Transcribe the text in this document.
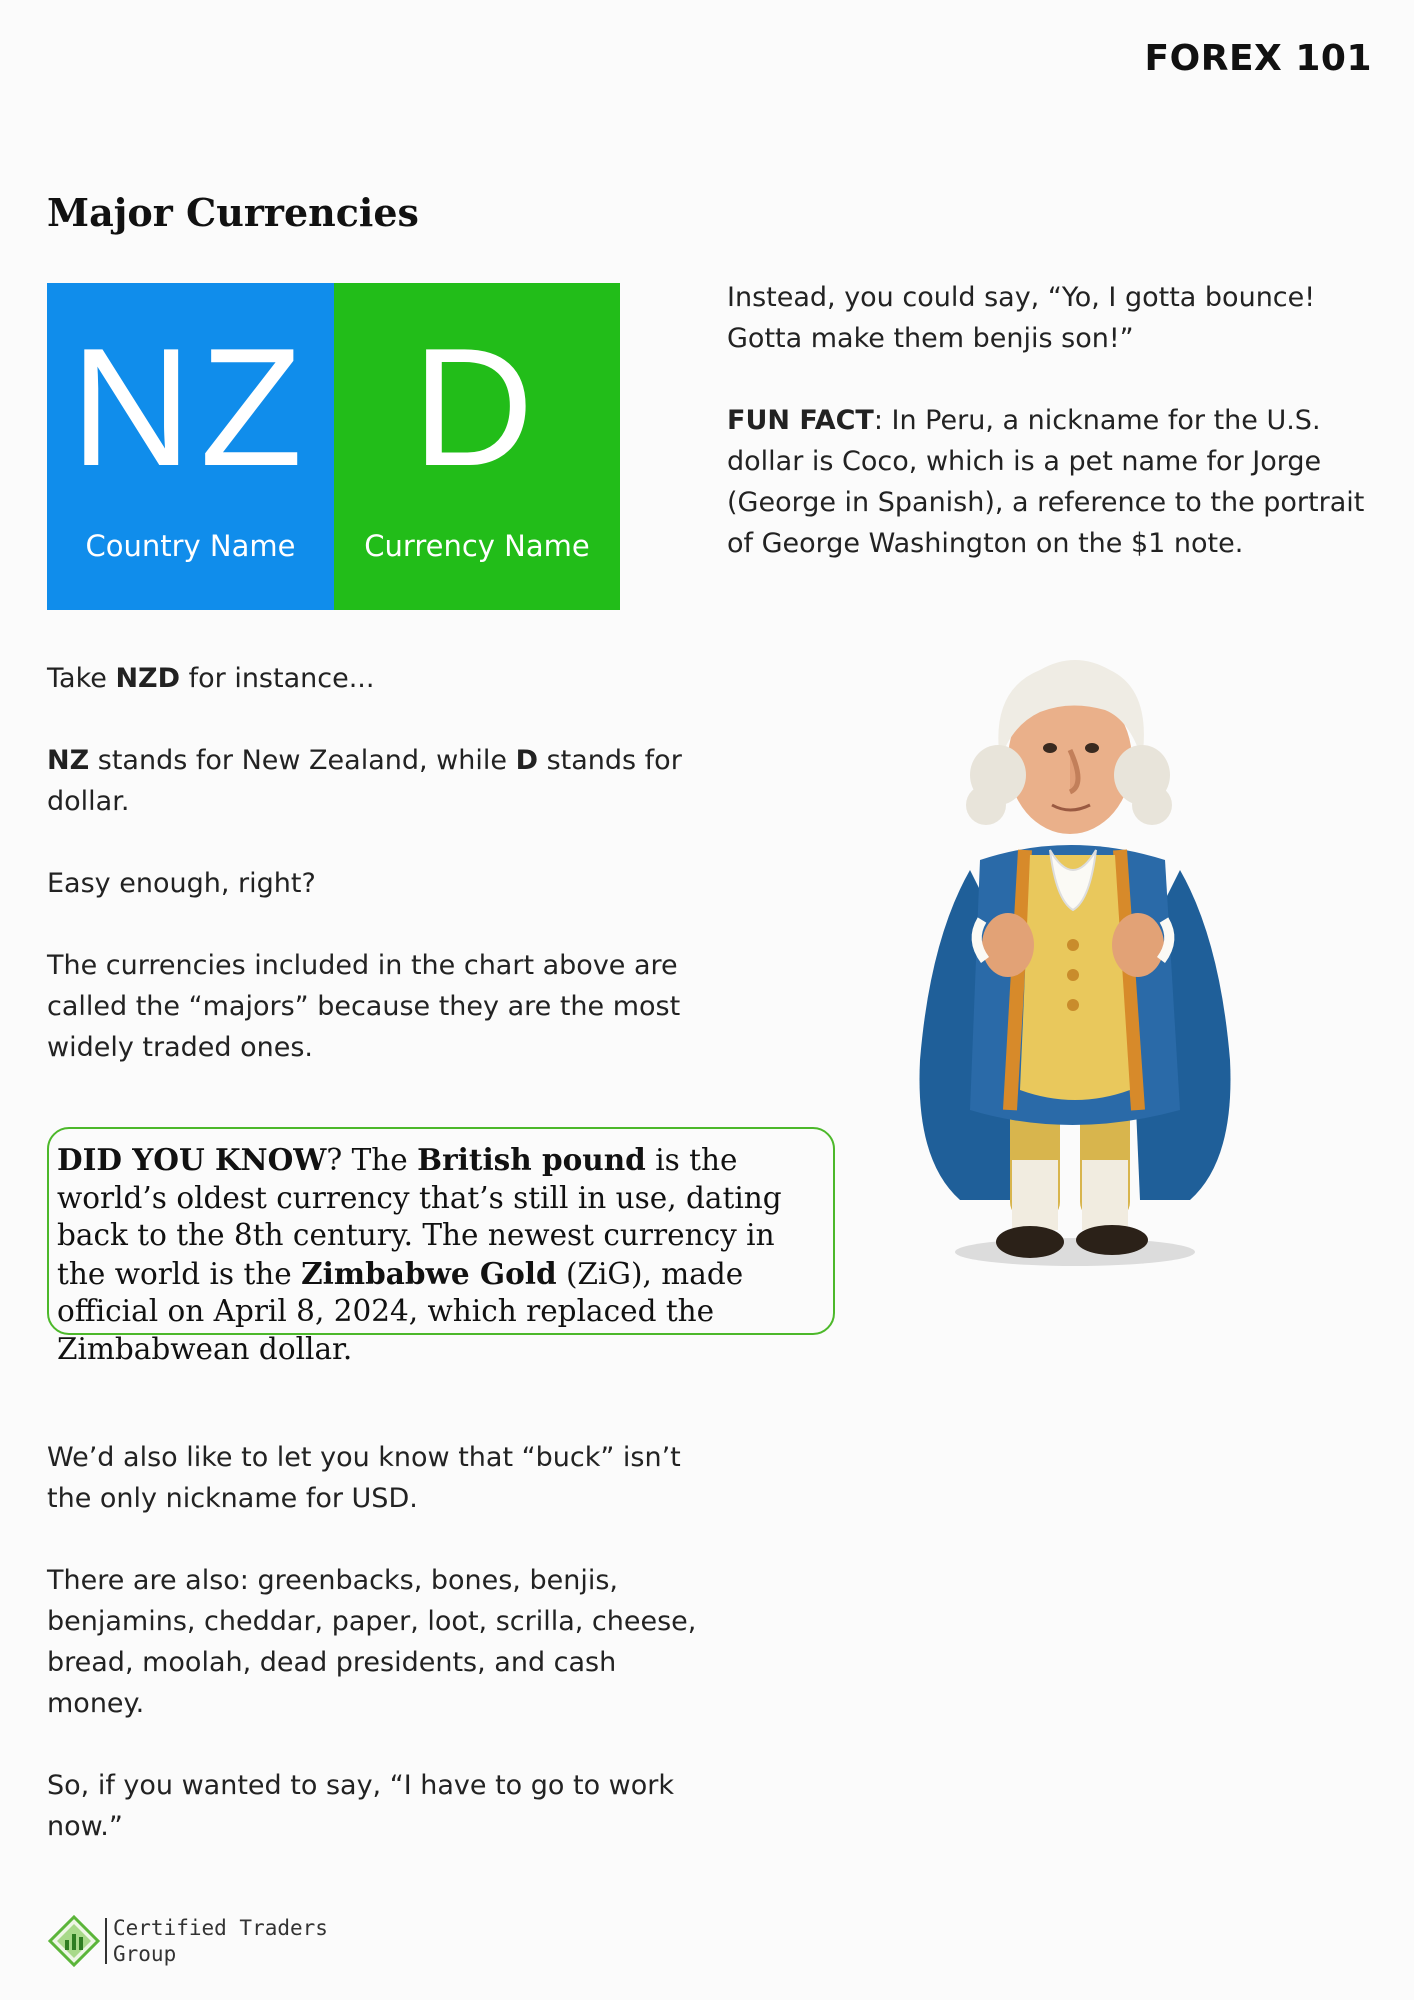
FOREX 101
Major Currencies
NZ
Country Name
D
Currency Name

Take NZD for instance...

NZ stands for New Zealand, while D stands for dollar.

Easy enough, right?

The currencies included in the chart above are called the “majors” because they are the most widely traded ones.

DID YOU KNOW? The British pound is the world’s oldest currency that’s still in use, dating back to the 8th century. The newest currency in the world is the Zimbabwe Gold (ZiG), made official on April 8, 2024, which replaced the Zimbabwean dollar.

We’d also like to let you know that “buck” isn’t the only nickname for USD.

There are also: greenbacks, bones, benjis, benjamins, cheddar, paper, loot, scrilla, cheese, bread, moolah, dead presidents, and cash money.

So, if you wanted to say, “I have to go to work now.”

Instead, you could say, “Yo, I gotta bounce! Gotta make them benjis son!”

FUN FACT: In Peru, a nickname for the U.S. dollar is Coco, which is a pet name for Jorge (George in Spanish), a reference to the portrait of George Washington on the $1 note.

Certified Traders
Group
